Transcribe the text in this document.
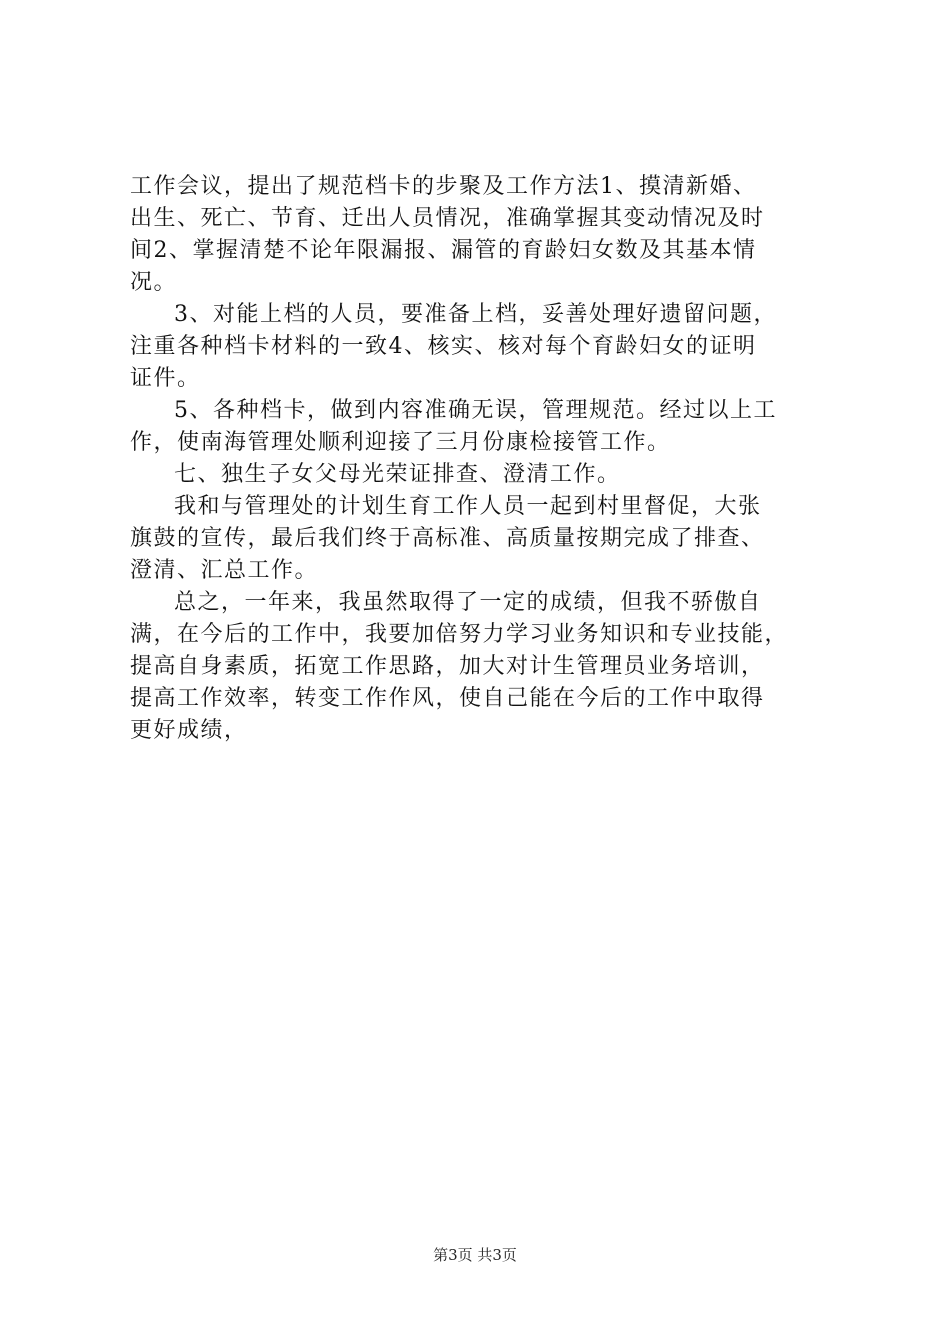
工作会议，提出了规范档卡的步聚及工作方法1、摸清新婚、
出生、死亡、节育、迁出人员情况，准确掌握其变动情况及时
间2、掌握清楚不论年限漏报、漏管的育龄妇女数及其基本情
况。
3、对能上档的人员，要准备上档，妥善处理好遗留问题，
注重各种档卡材料的一致4、核实、核对每个育龄妇女的证明
证件。
5、各种档卡，做到内容准确无误，管理规范。经过以上工
作，使南海管理处顺利迎接了三月份康检接管工作。
七、独生子女父母光荣证排查、澄清工作。
我和与管理处的计划生育工作人员一起到村里督促，大张
旗鼓的宣传，最后我们终于高标准、高质量按期完成了排查、
澄清、汇总工作。
总之，一年来，我虽然取得了一定的成绩，但我不骄傲自
满，在今后的工作中，我要加倍努力学习业务知识和专业技能，
提高自身素质，拓宽工作思路，加大对计生管理员业务培训，
提高工作效率，转变工作作风，使自己能在今后的工作中取得
更好成绩，
第3页 共3页
